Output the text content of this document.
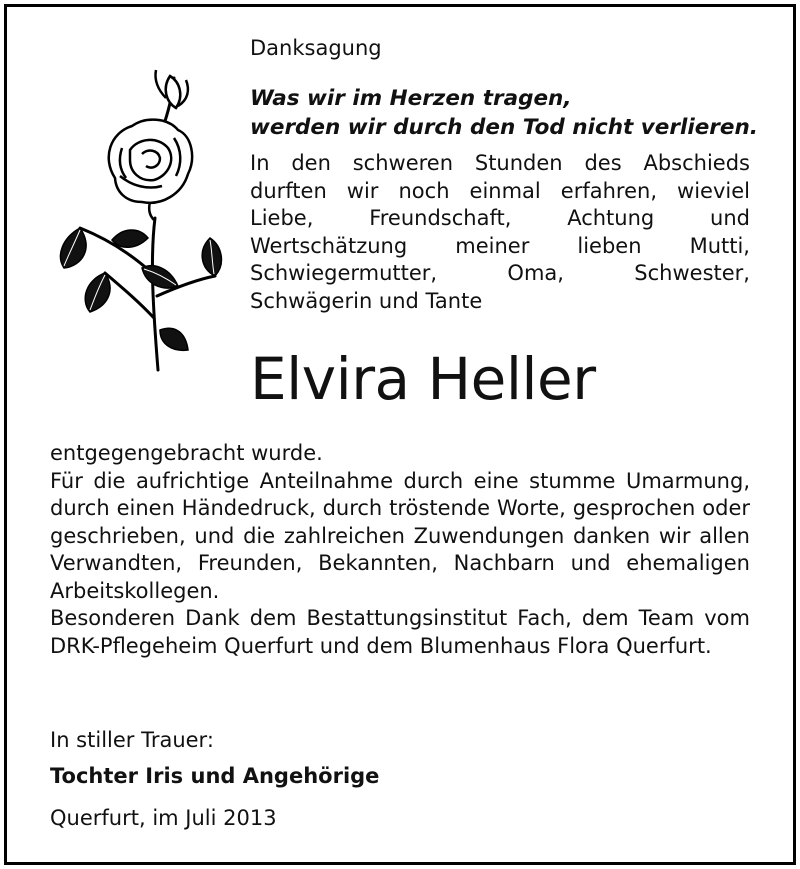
Danksagung
Was wir im Herzen tragen,
werden wir durch den Tod nicht verlieren.

In den schweren Stunden des Abschieds durften wir noch einmal erfahren, wieviel Liebe, Freundschaft, Achtung und Wertschätzung meiner lieben Mutti, Schwiegermutter, Oma, Schwester, Schwägerin und Tante

Elvira Heller
entgegengebracht wurde.
Für die aufrichtige Anteilnahme durch eine stumme Umarmung, durch einen Händedruck, durch tröstende Worte, gesprochen oder geschrieben, und die zahlreichen Zuwendungen danken wir allen Verwandten, Freunden, Bekannten, Nachbarn und ehemaligen Arbeitskollegen.
Besonderen Dank dem Bestattungsinstitut Fach, dem Team vom DRK-Pflegeheim Querfurt und dem Blumenhaus Flora Querfurt.
In stiller Trauer:
Tochter Iris und Angehörige
Querfurt, im Juli 2013
